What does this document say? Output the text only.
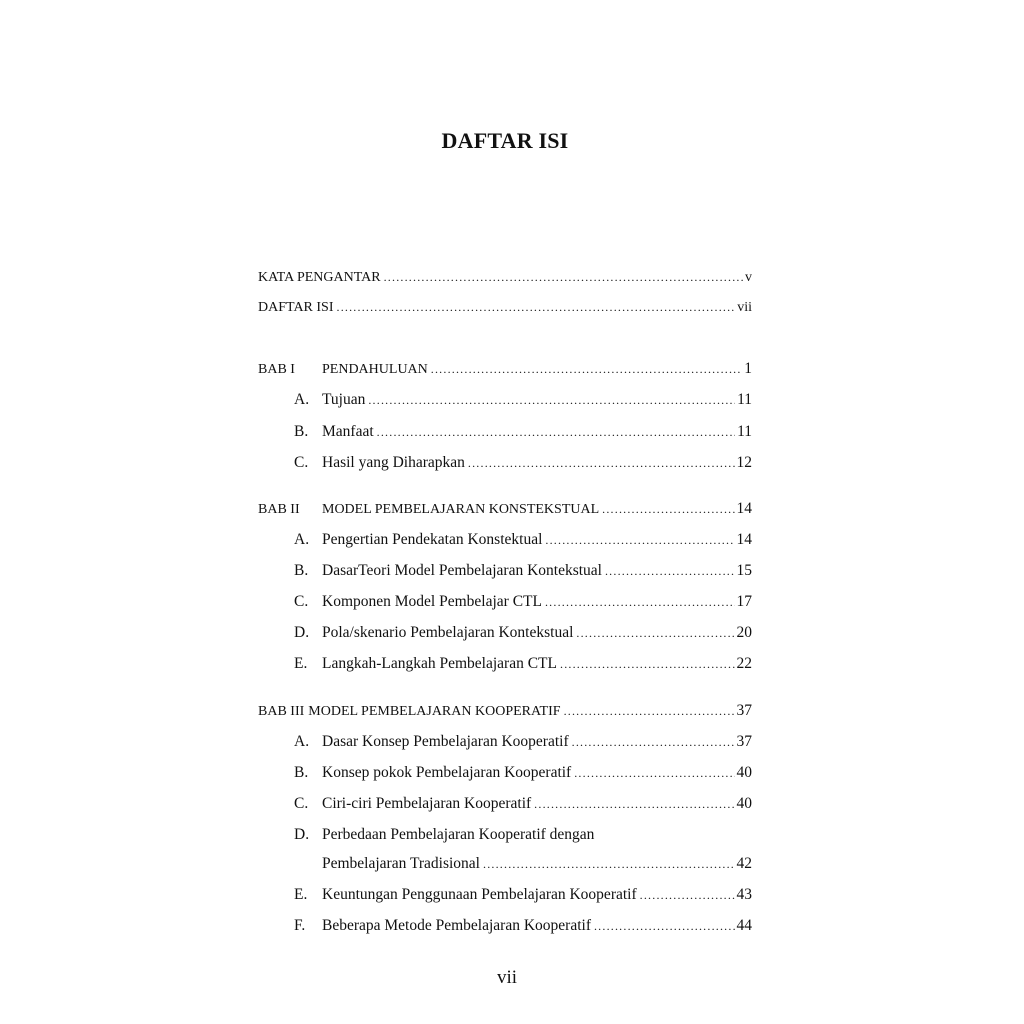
DAFTAR ISI
KATA PENGANTAR .....	v
DAFTAR ISI .....	vii
BAB I	PENDAHULUAN .....	1
A. Tujuan .....	11
B. Manfaat .....	11
C. Hasil yang Diharapkan .....	12
BAB II	MODEL PEMBELAJARAN KONSTEKSTUAL .....	14
A. Pengertian Pendekatan Konstektual .....	14
B. DasarTeori Model Pembelajaran Kontekstual .....	15
C. Komponen Model Pembelajar CTL .....	17
D. Pola/skenario Pembelajaran Kontekstual .....	20
E. Langkah-Langkah Pembelajaran CTL .....	22
BAB III MODEL PEMBELAJARAN KOOPERATIF .....	37
A. Dasar Konsep Pembelajaran Kooperatif .....	37
B. Konsep pokok Pembelajaran Kooperatif .....	40
C. Ciri-ciri Pembelajaran Kooperatif .....	40
D. Perbedaan Pembelajaran Kooperatif dengan
Pembelajaran Tradisional .....	42
E. Keuntungan Penggunaan Pembelajaran Kooperatif .....	43
F.	Beberapa Metode Pembelajaran Kooperatif .....	44
vii
